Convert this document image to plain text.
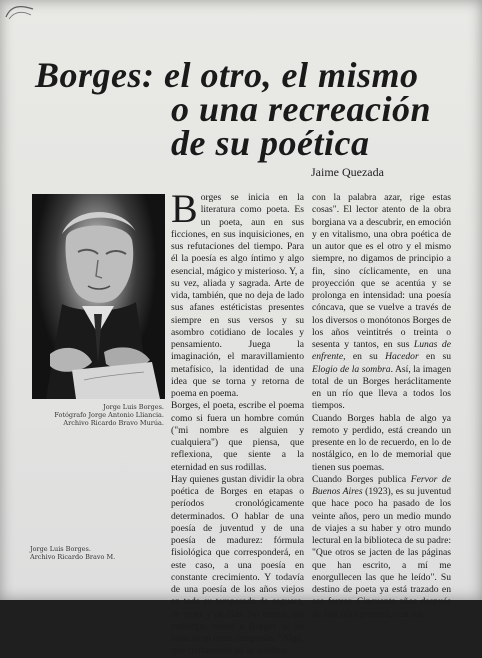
Borges: el otro, el mismo
o una recreación
de su poética
Jaime Quezada
Jorge Luis Borges.
Fotógrafo Jorge Antonio Lliancia.
Archivo Ricardo Bravo Murúa.
Jorge Luis Borges.
Archivo Ricardo Bravo M.

Borges se inicia en la literatura como poeta. Es un poeta, aun en sus ficciones, en sus inquisiciones, en sus refutaciones del tiempo. Para él la poesía es algo íntimo y algo esencial, mágico y misterioso. Y, a su vez, aliada y sagrada. Arte de vida, también, que no deja de lado sus afanes estéticistas presentes siempre en sus versos y su asombro cotidiano de locales y pensamiento. Juega la imaginación, el maravillamiento metafísico, la identidad de una idea que se torna y retorna de poema en poema.

Borges, el poeta, escribe el poema como si fuera un hombre común ("mi nombre es alguien y cualquiera") que piensa, que reflexiona, que siente a la eternidad en sus rodillas.

Hay quienes gustan dividir la obra poética de Borges en etapas o períodos cronológicamente determinados. O hablar de una poesía de juventud y de una poesía de madurez: fórmula fisiológica que corresponderá, en este caso, a una poesía en constante crecimiento. Y todavía de una poesía de los años viejos en toda su temperada de ceguera, de vejez y de días. No vemos, sin embargo, como a Borges ni en éstas ni en otras categorías. "Algo, que ciertamente no se nombra

con la palabra azar, rige estas cosas". El lector atento de la obra borgiana va a descubrir, en emoción y en vitalismo, una obra poética de un autor que es el otro y el mismo siempre, no digamos de principio a fin, sino cíclicamente, en una proyección que se acentúa y se prolonga en intensidad: una poesía cóncava, que se vuelve a través de los diversos o monótonos Borges de los años veintitrés o treinta o sesenta y tantos, en sus Lunas de enfrente, en su Hacedor en su Elogio de la sombra. Así, la imagen total de un Borges heráclitamente en un río que lleva a todos los tiempos.

Cuando Borges habla de algo ya remoto y perdido, está creando un presente en lo de recuerdo, en lo de nostálgico, en lo de memorial que tienen sus poemas.

Cuando Borges publica Fervor de Buenos Aires (1923), es su juventud que hace poco ha pasado de los veinte años, pero un medio mundo de viajes a su haber y otro mundo lectural en la biblioteca de su padre: "Que otros se jacten de las páginas que han escrito, a mí me enorgullecen las que he leído". Su destino de poeta ya está trazado en ese fervor. Cincuenta años después de esta obra primera, con sus
